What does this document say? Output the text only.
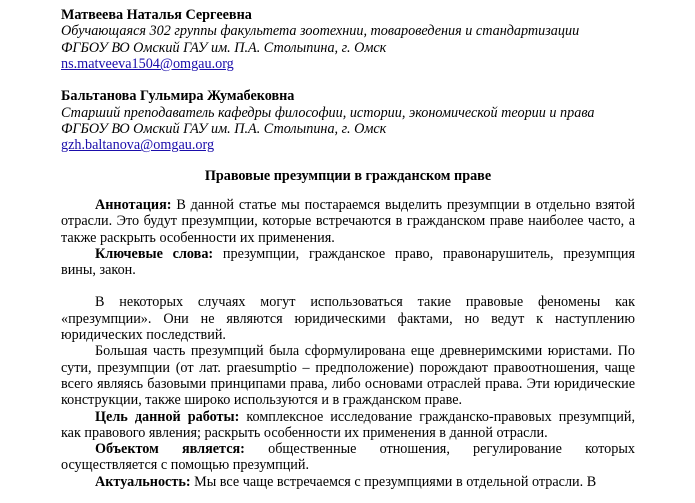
Матвеева Наталья Сергеевна
Обучающаяся 302 группы факультета зоотехнии, товароведения и стандартизации
ФГБОУ ВО Омский ГАУ им. П.А. Столыпина, г. Омск
ns.matveeva1504@omgau.org
Бальтанова Гульмира Жумабековна
Старший преподаватель кафедры философии, истории, экономической теории и права
ФГБОУ ВО Омский ГАУ им. П.А. Столыпина, г. Омск
gzh.baltanova@omgau.org
Правовые презумпции в гражданском праве

Аннотация: В данной статье мы постараемся выделить презумпции в отдельно взятой отрасли. Это будут презумпции, которые встречаются в гражданском праве наиболее часто, а также раскрыть особенности их применения.

Ключевые слова: презумпции, гражданское право, правонарушитель, презумпция вины, закон.

В некоторых случаях могут использоваться такие правовые феномены как «презумпции». Они не являются юридическими фактами, но ведут к наступлению юридических последствий.

Большая часть презумпций была сформулирована еще древнеримскими юристами. По сути, презумпции (от лат. praesumptio – предположение) порождают правоотношения, чаще всего являясь базовыми принципами права, либо основами отраслей права. Эти юридические конструкции, также широко используются и в гражданском праве.

Цель данной работы: комплексное исследование гражданско-правовых презумпций, как правового явления; раскрыть особенности их применения в данной отрасли.

Объектом является: общественные отношения, регулирование которых осуществляется с помощью презумпций.

Актуальность: Мы все чаще встречаемся с презумпциями в отдельной отрасли. В
